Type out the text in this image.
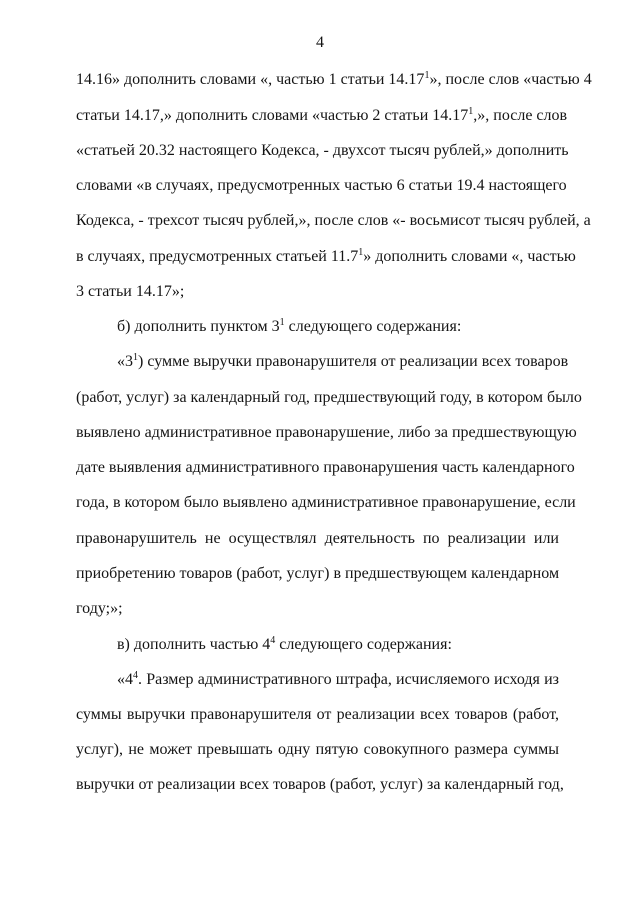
4
14.16» дополнить словами «, частью 1 статьи 14.17$^1$», после слов «частью 4
статьи 14.17,» дополнить словами «частью 2 статьи 14.17$^1$,», после слов
«статьей 20.32 настоящего Кодекса, - двухсот тысяч рублей,» дополнить
словами «в случаях, предусмотренных частью 6 статьи 19.4 настоящего
Кодекса, - трехсот тысяч рублей,», после слов «- восьмисот тысяч рублей, а
в случаях, предусмотренных статьей 11.7$^1$» дополнить словами «, частью
3 статьи 14.17»;
б) дополнить пунктом $3^1$ следующего содержания:
«$3^1$) сумме выручки правонарушителя от реализации всех товаров
(работ, услуг) за календарный год, предшествующий году, в котором было
выявлено административное правонарушение, либо за предшествующую
дате выявления административного правонарушения часть календарного
года, в котором было выявлено административное правонарушение, если
правонарушитель не осуществлял деятельность по реализации или
приобретению товаров (работ, услуг) в предшествующем календарном
году;»;
в) дополнить частью $4^4$ следующего содержания:
«$4^4$. Размер административного штрафа, исчисляемого исходя из
суммы выручки правонарушителя от реализации всех товаров (работ,
услуг), не может превышать одну пятую совокупного размера суммы
выручки от реализации всех товаров (работ, услуг) за календарный год,
